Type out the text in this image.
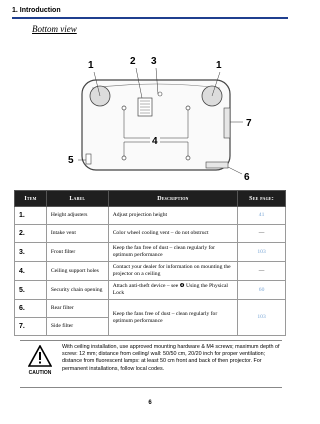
1. Introduction
Bottom view
1	2 3	1
7
4
5
6
Item	Label	Description	See page:
1.	Height adjusters	Adjust projection height	41
2.	Intake vent	Color wheel cooling vent – do not obstruct	—
3.	Front filter	Keep the fan free of dust – clean regularly for optimum performance	103
4.	Ceiling support holes	Contact your dealer for information on mounting the projector on a ceiling	—
5.	Security chain opening	Attach anti-theft device – see ❹ Using the Physical Lock	60
6.	Rear filter	Keep the fans free of dust – clean regularly for optimum performance	103
7.	Side filter		
CAUTION
With ceiling installation, use approved mounting hardware & M4 screws; maximum depth of screw: 12 mm; distance from ceiling/ wall: 50/50 cm, 20/20 inch for proper ventilation; distance from fluorescent lamps: at least 50 cm front and back of then projector. For permanent installations, follow local codes.
6
